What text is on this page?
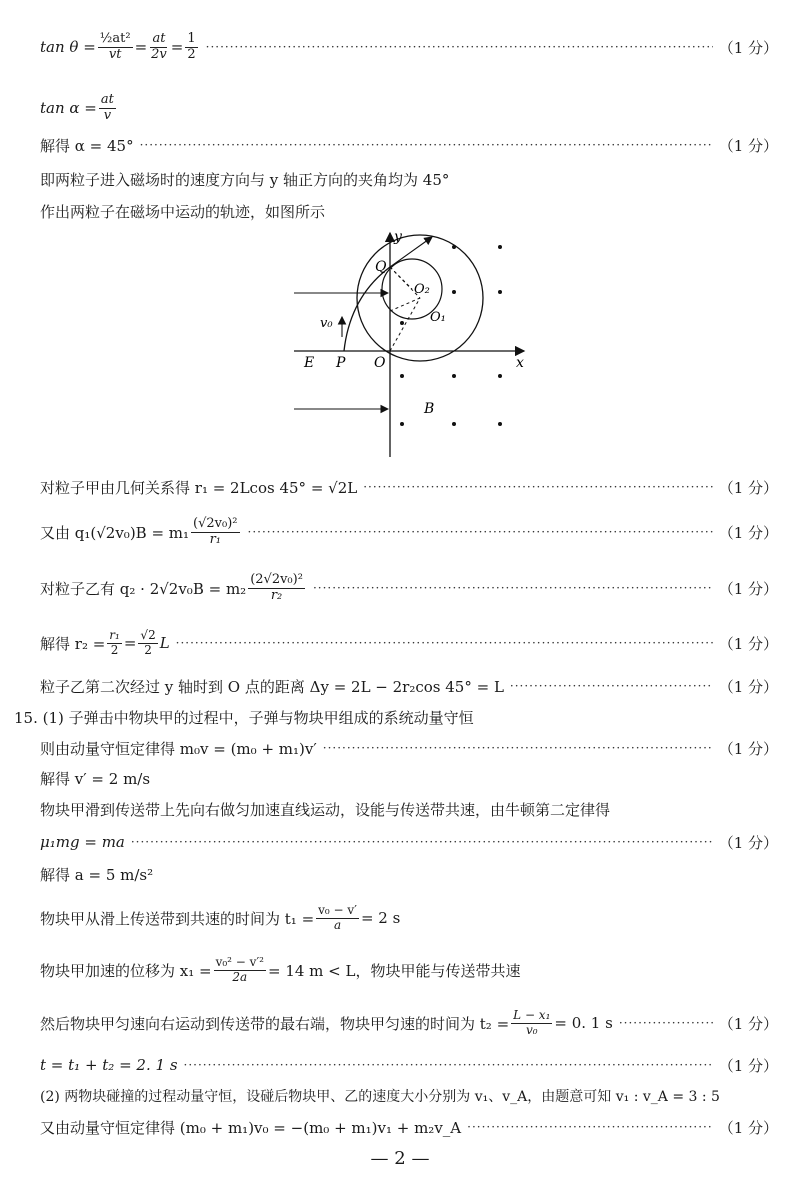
$\tan \theta = \frac{\text{½at²}}{vt} = \frac{at}{2v} = \frac{1}{2}$ ·····	（1 分）
$\tan \alpha = \frac{at}{v}$
解得 α = 45° ·····	（1 分）
即两粒子进入磁场时的速度方向与 y 轴正方向的夹角均为 45°
作出两粒子在磁场中运动的轨迹，如图所示
y
x
Q
O₂
O₁
v₀
E P O
B
对粒子甲由几何关系得 r₁ = 2Lcos 45° = √2L ·····	（1 分）
又由 $q_1(√2v_0)B = m_1 \frac{\text{(√2v₀)²}}{\text{r₁}}$ ·····	（1 分）
对粒子乙有 $q_2 \cdot 2√2v_0B = m_2 \frac{\text{(2√2v₀)²}}{\text{r₂}}$ ·····	（1 分）
解得 $r_2 = \frac{\text{r₁}}{2} = \frac{√2}{2}$ L ·····	（1 分）
粒子乙第二次经过 y 轴时到 O 点的距离 Δy = 2L − 2r₂cos 45° = L ·····	（1 分）
15. (1) 子弹击中物块甲的过程中，子弹与物块甲组成的系统动量守恒
则由动量守恒定律得 m₀v = (m₀ + m₁)v′ ·····	（1 分）
解得 v′ = 2 m/s
物块甲滑到传送带上先向右做匀加速直线运动，设能与传送带共速，由牛顿第二定律得
μ₁mg = ma ·····	（1 分）
解得 a = 5 m/s²
物块甲从滑上传送带到共速的时间为 $t_1 = \frac{\text{v₀ − v′}}{a} = 2$ s
物块甲加速的位移为 $x_1 = \frac{\text{v₀² − v′²}}{2a} = 14$ m < L，物块甲能与传送带共速
然后物块甲匀速向右运动到传送带的最右端，物块甲匀速的时间为 $t_2 = \frac{\text{L − x₁}}{\text{v₀}} = 0$. 1 s ·····	（1 分）
t = t₁ + t₂ = 2. 1 s ·····	（1 分）
(2) 两物块碰撞的过程动量守恒，设碰后物块甲、乙的速度大小分别为 v₁、v_A，由题意可知 v₁ : v_A = 3 : 5
又由动量守恒定律得 (m₀ + m₁)v₀ = −(m₀ + m₁)v₁ + m₂v_A ·····	（1 分）
— 2 —
